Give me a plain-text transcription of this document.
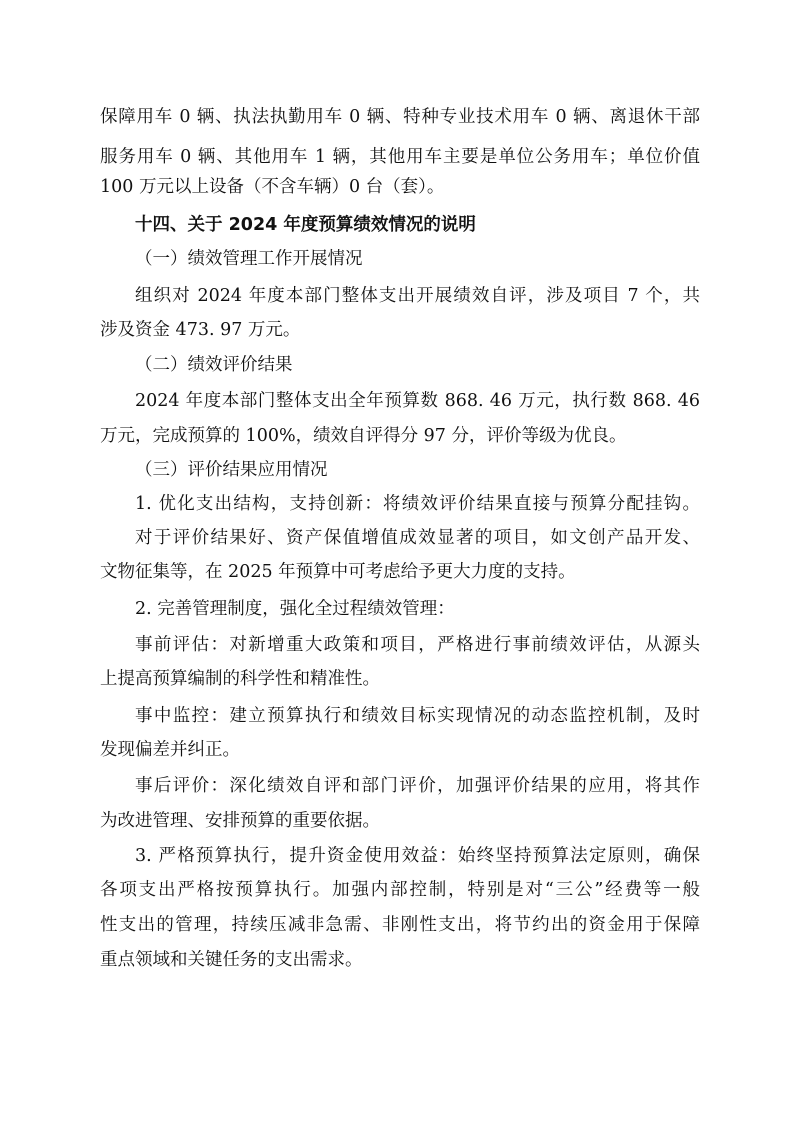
保障用车 0 辆、执法执勤用车 0 辆、特种专业技术用车 0 辆、离退休干部
服务用车 0 辆、其他用车 1 辆，其他用车主要是单位公务用车；单位价值
100 万元以上设备（不含车辆）0 台（套）。
十四、关于 2024 年度预算绩效情况的说明
（一）绩效管理工作开展情况
组织对 2024 年度本部门整体支出开展绩效自评，涉及项目 7 个，共
涉及资金 473. 97 万元。
（二）绩效评价结果
2024 年度本部门整体支出全年预算数 868. 46 万元，执行数 868. 46
万元，完成预算的 100%，绩效自评得分 97 分，评价等级为优良。
（三）评价结果应用情况
1. 优化支出结构，支持创新：将绩效评价结果直接与预算分配挂钩。
对于评价结果好、资产保值增值成效显著的项目，如文创产品开发、
文物征集等，在 2025 年预算中可考虑给予更大力度的支持。
2. 完善管理制度，强化全过程绩效管理：
事前评估：对新增重大政策和项目，严格进行事前绩效评估，从源头
上提高预算编制的科学性和精准性。
事中监控：建立预算执行和绩效目标实现情况的动态监控机制，及时
发现偏差并纠正。
事后评价：深化绩效自评和部门评价，加强评价结果的应用，将其作
为改进管理、安排预算的重要依据。
3. 严格预算执行，提升资金使用效益：始终坚持预算法定原则，确保
各项支出严格按预算执行。加强内部控制，特别是对“三公”经费等一般
性支出的管理，持续压减非急需、非刚性支出，将节约出的资金用于保障
重点领域和关键任务的支出需求。
